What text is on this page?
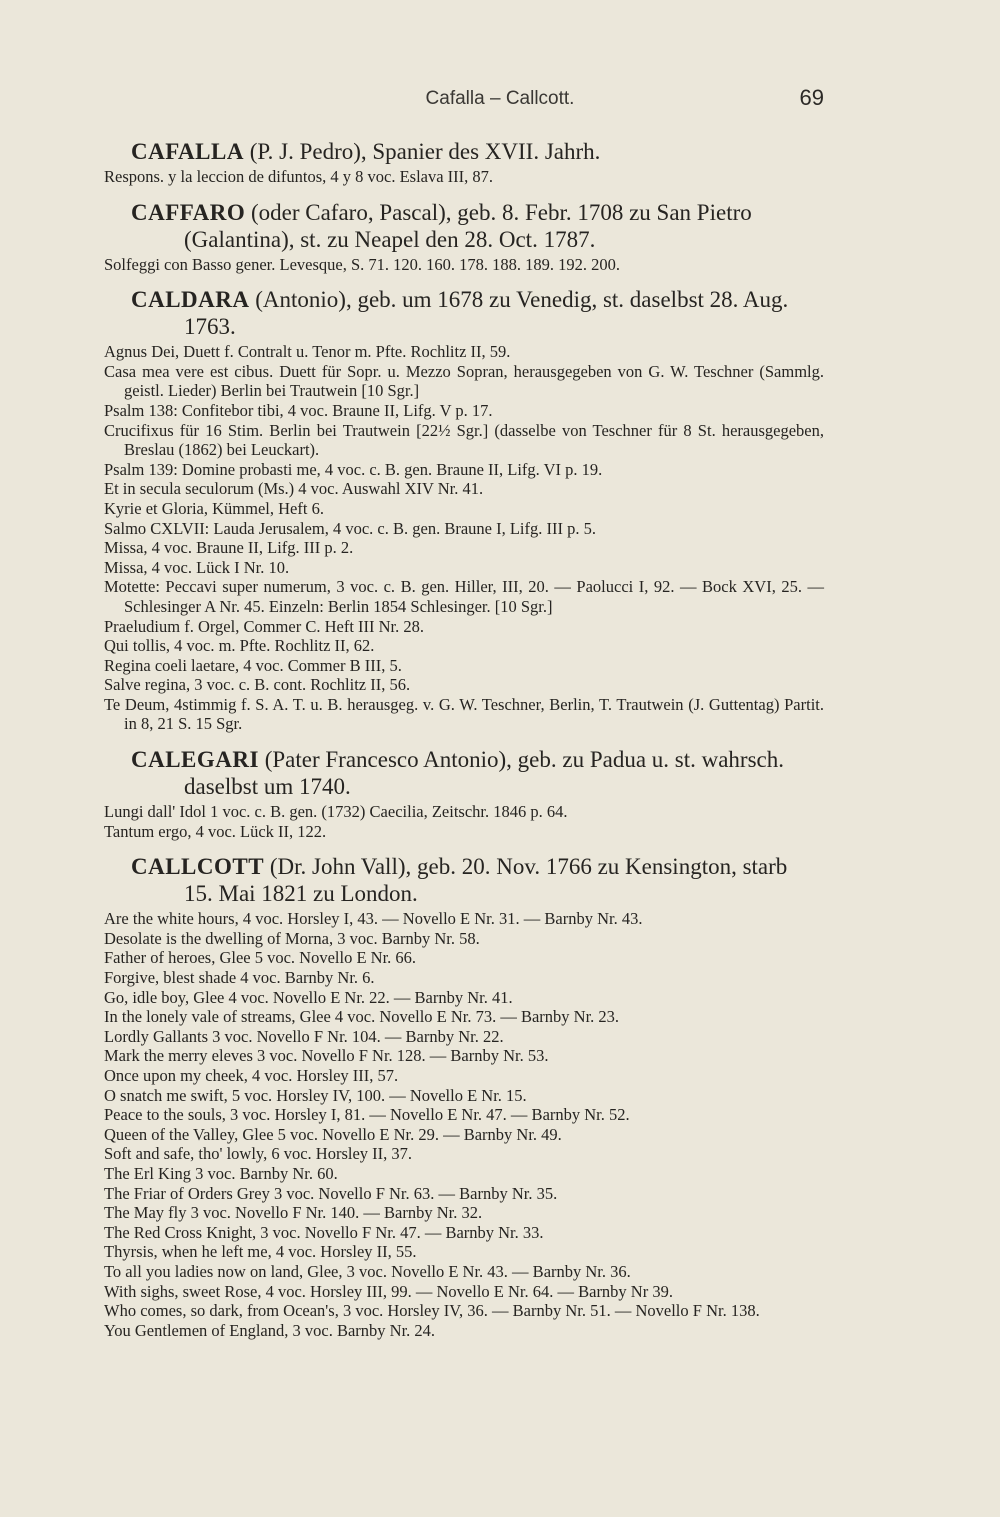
Cafalla – Callcott.	69
CAFALLA (P. J. Pedro), Spanier des XVII. Jahrh.
Respons. y la leccion de difuntos, 4 y 8 voc. Eslava III, 87.
CAFFARO (oder Cafaro, Pascal), geb. 8. Febr. 1708 zu San Pietro
(Galantina), st. zu Neapel den 28. Oct. 1787.
Solfeggi con Basso gener. Levesque, S. 71. 120. 160. 178. 188. 189. 192. 200.
CALDARA (Antonio), geb. um 1678 zu Venedig, st. daselbst 28. Aug.
1763.
Agnus Dei, Duett f. Contralt u. Tenor m. Pfte. Rochlitz II, 59.
Casa mea vere est cibus. Duett für Sopr. u. Mezzo Sopran, herausgegeben von G. W. Teschner (Sammlg. geistl. Lieder) Berlin bei Trautwein [10 Sgr.]
Psalm 138: Confitebor tibi, 4 voc. Braune II, Lifg. V p. 17.
Crucifixus für 16 Stim. Berlin bei Trautwein [22½ Sgr.] (dasselbe von Teschner für 8 St. herausgegeben, Breslau (1862) bei Leuckart).
Psalm 139: Domine probasti me, 4 voc. c. B. gen. Braune II, Lifg. VI p. 19.
Et in secula seculorum (Ms.) 4 voc. Auswahl XIV Nr. 41.
Kyrie et Gloria, Kümmel, Heft 6.
Salmo CXLVII: Lauda Jerusalem, 4 voc. c. B. gen. Braune I, Lifg. III p. 5.
Missa, 4 voc. Braune II, Lifg. III p. 2.
Missa, 4 voc. Lück I Nr. 10.
Motette: Peccavi super numerum, 3 voc. c. B. gen. Hiller, III, 20. — Paolucci I, 92. — Bock XVI, 25. — Schlesinger A Nr. 45. Einzeln: Berlin 1854 Schlesinger. [10 Sgr.]
Praeludium f. Orgel, Commer C. Heft III Nr. 28.
Qui tollis, 4 voc. m. Pfte. Rochlitz II, 62.
Regina coeli laetare, 4 voc. Commer B III, 5.
Salve regina, 3 voc. c. B. cont. Rochlitz II, 56.
Te Deum, 4stimmig f. S. A. T. u. B. herausgeg. v. G. W. Teschner, Berlin, T. Trautwein (J. Guttentag) Partit. in 8, 21 S. 15 Sgr.
CALEGARI (Pater Francesco Antonio), geb. zu Padua u. st. wahrsch.
daselbst um 1740.
Lungi dall' Idol 1 voc. c. B. gen. (1732) Caecilia, Zeitschr. 1846 p. 64.
Tantum ergo, 4 voc. Lück II, 122.
CALLCOTT (Dr. John Vall), geb. 20. Nov. 1766 zu Kensington, starb
15. Mai 1821 zu London.
Are the white hours, 4 voc. Horsley I, 43. — Novello E Nr. 31. — Barnby Nr. 43.
Desolate is the dwelling of Morna, 3 voc. Barnby Nr. 58.
Father of heroes, Glee 5 voc. Novello E Nr. 66.
Forgive, blest shade 4 voc. Barnby Nr. 6.
Go, idle boy, Glee 4 voc. Novello E Nr. 22. — Barnby Nr. 41.
In the lonely vale of streams, Glee 4 voc. Novello E Nr. 73. — Barnby Nr. 23.
Lordly Gallants 3 voc. Novello F Nr. 104. — Barnby Nr. 22.
Mark the merry eleves 3 voc. Novello F Nr. 128. — Barnby Nr. 53.
Once upon my cheek, 4 voc. Horsley III, 57.
O snatch me swift, 5 voc. Horsley IV, 100. — Novello E Nr. 15.
Peace to the souls, 3 voc. Horsley I, 81. — Novello E Nr. 47. — Barnby Nr. 52.
Queen of the Valley, Glee 5 voc. Novello E Nr. 29. — Barnby Nr. 49.
Soft and safe, tho' lowly, 6 voc. Horsley II, 37.
The Erl King 3 voc. Barnby Nr. 60.
The Friar of Orders Grey 3 voc. Novello F Nr. 63. — Barnby Nr. 35.
The May fly 3 voc. Novello F Nr. 140. — Barnby Nr. 32.
The Red Cross Knight, 3 voc. Novello F Nr. 47. — Barnby Nr. 33.
Thyrsis, when he left me, 4 voc. Horsley II, 55.
To all you ladies now on land, Glee, 3 voc. Novello E Nr. 43. — Barnby Nr. 36.
With sighs, sweet Rose, 4 voc. Horsley III, 99. — Novello E Nr. 64. — Barnby Nr 39.
Who comes, so dark, from Ocean's, 3 voc. Horsley IV, 36. — Barnby Nr. 51. — Novello F Nr. 138.
You Gentlemen of England, 3 voc. Barnby Nr. 24.
